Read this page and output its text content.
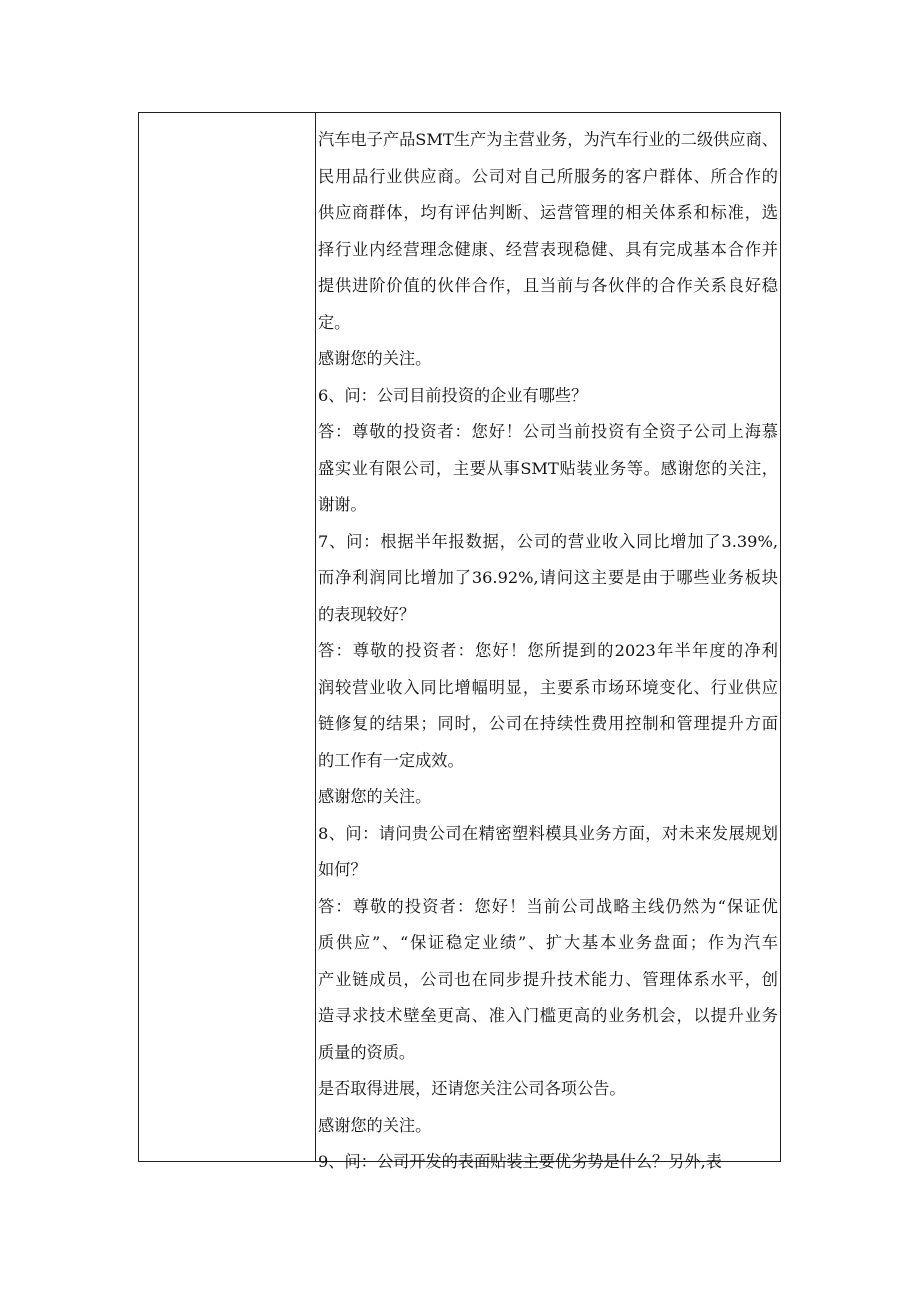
汽车电子产品SMT生产为主营业务，为汽车行业的二级供应商、
民用品行业供应商。公司对自己所服务的客户群体、所合作的
供应商群体，均有评估判断、运营管理的相关体系和标准，选
择行业内经营理念健康、经营表现稳健、具有完成基本合作并
提供进阶价值的伙伴合作，且当前与各伙伴的合作关系良好稳
定。
感谢您的关注。
6、问：公司目前投资的企业有哪些？
答：尊敬的投资者：您好！公司当前投资有全资子公司上海慕
盛实业有限公司，主要从事SMT贴装业务等。感谢您的关注，
谢谢。
7、问：根据半年报数据，公司的营业收入同比增加了3.39%,
而净利润同比增加了36.92%,请问这主要是由于哪些业务板块
的表现较好？
答：尊敬的投资者：您好！您所提到的2023年半年度的净利
润较营业收入同比增幅明显，主要系市场环境变化、行业供应
链修复的结果；同时，公司在持续性费用控制和管理提升方面
的工作有一定成效。
感谢您的关注。
8、问：请问贵公司在精密塑料模具业务方面，对未来发展规划
如何？
答：尊敬的投资者：您好！当前公司战略主线仍然为“保证优
质供应”、“保证稳定业绩”、扩大基本业务盘面；作为汽车
产业链成员，公司也在同步提升技术能力、管理体系水平，创
造寻求技术壁垒更高、准入门槛更高的业务机会，以提升业务
质量的资质。
是否取得进展，还请您关注公司各项公告。
感谢您的关注。
9、问：公司开发的表面贴装主要优劣势是什么？另外,表
